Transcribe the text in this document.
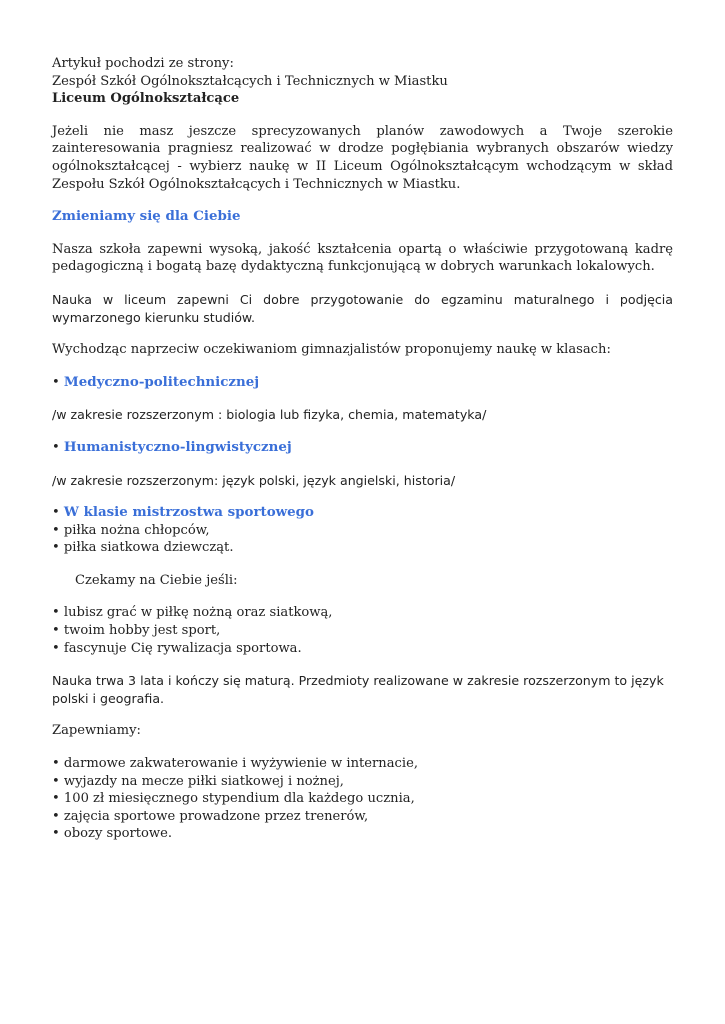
Artykuł pochodzi ze strony:

Zespół Szkół Ogólnokształcących i Technicznych w Miastku

Liceum Ogólnokształcące

Jeżeli nie masz jeszcze sprecyzowanych planów zawodowych a Twoje szerokie zainteresowania pragniesz realizować w drodze pogłębiania wybranych obszarów wiedzy ogólnokształcącej - wybierz naukę w II Liceum Ogólnokształcącym wchodzącym w skład Zespołu Szkół Ogólnokształcących i Technicznych w Miastku.

Zmieniamy się dla Ciebie

Nasza szkoła zapewni wysoką, jakość kształcenia opartą o właściwie przygotowaną kadrę pedagogiczną i bogatą bazę dydaktyczną funkcjonującą w dobrych warunkach lokalowych.

Nauka w liceum zapewni Ci dobre przygotowanie do egzaminu maturalnego i podjęcia wymarzonego kierunku studiów.

Wychodząc naprzeciw oczekiwaniom gimnazjalistów proponujemy naukę w klasach:

• Medyczno-politechnicznej

/w zakresie rozszerzonym : biologia lub fizyka, chemia, matematyka/

• Humanistyczno-lingwistycznej

/w zakresie rozszerzonym: język polski, język angielski, historia/

• W klasie mistrzostwa sportowego

• piłka nożna chłopców,

• piłka siatkowa dziewcząt.

Czekamy na Ciebie jeśli:

• lubisz grać w piłkę nożną oraz siatkową,

• twoim hobby jest sport,

• fascynuje Cię rywalizacja sportowa.

Nauka trwa 3 lata i kończy się maturą. Przedmioty realizowane w zakresie rozszerzonym to język polski i geografia.

Zapewniamy:

• darmowe zakwaterowanie i wyżywienie w internacie,

• wyjazdy na mecze piłki siatkowej i nożnej,

• 100 zł miesięcznego stypendium dla każdego ucznia,

• zajęcia sportowe prowadzone przez trenerów,

• obozy sportowe.
